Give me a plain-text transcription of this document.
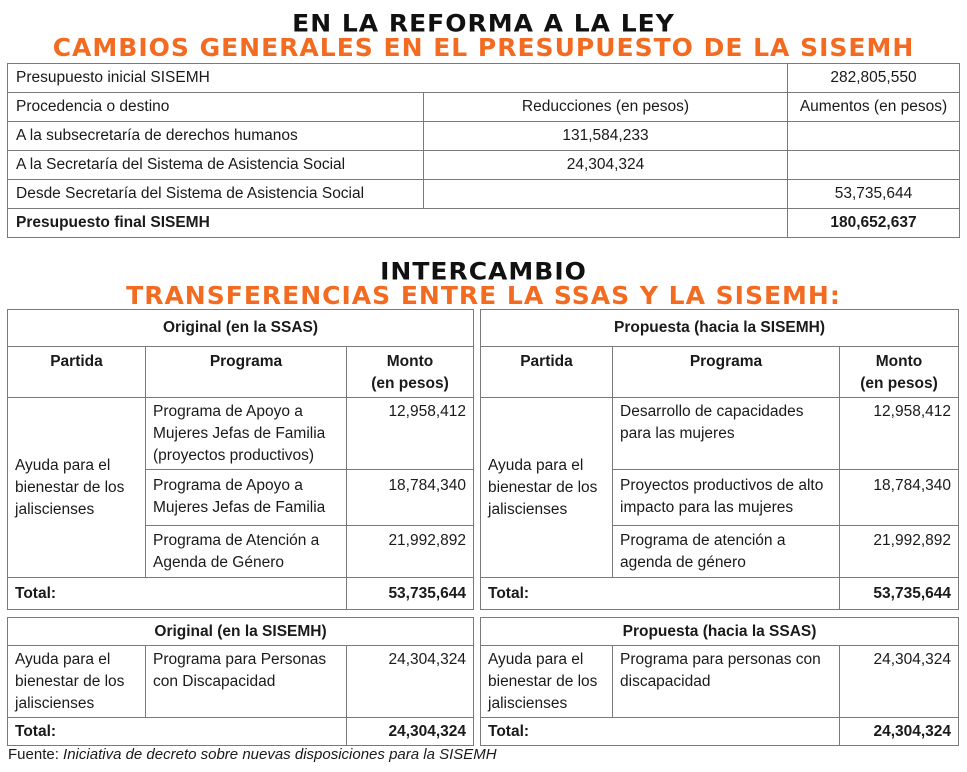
EN LA REFORMA A LA LEY
CAMBIOS GENERALES EN EL PRESUPUESTO DE LA SISEMH
Presupuesto inicial SISEMH		282,805,550
Procedencia o destino	Reducciones (en pesos)	Aumentos (en pesos)
A la subsecretaría de derechos humanos	131,584,233	
A la Secretaría del Sistema de Asistencia Social	24,304,324	
Desde Secretaría del Sistema de Asistencia Social		53,735,644
Presupuesto final SISEMH		180,652,637
INTERCAMBIO
TRANSFERENCIAS ENTRE LA SSAS Y LA SISEMH:
Original (en la SSAS)		
Partida	Programa	Monto
(en pesos)
Ayuda para el bienestar de los jaliscienses	Programa de Apoyo a Mujeres Jefas de Familia (proyectos productivos)	12,958,412
	Programa de Apoyo a Mujeres Jefas de Familia	18,784,340
	Programa de Atención a Agenda de Género	21,992,892
Total:		53,735,644
Propuesta (hacia la SISEMH)		
Partida	Programa	Monto
(en pesos)
Ayuda para el bienestar de los jaliscienses	Desarrollo de capacidades para las mujeres	12,958,412
	Proyectos productivos de alto impacto para las mujeres	18,784,340
	Programa de atención a agenda de género	21,992,892
Total:		53,735,644
Original (en la SISEMH)		
Ayuda para el bienestar de los jaliscienses	Programa para Personas con Discapacidad	24,304,324
Total:		24,304,324
Propuesta (hacia la SSAS)		
Ayuda para el bienestar de los jaliscienses	Programa para personas con discapacidad	24,304,324
Total:		24,304,324
Fuente: Iniciativa de decreto sobre nuevas disposiciones para la SISEMH
